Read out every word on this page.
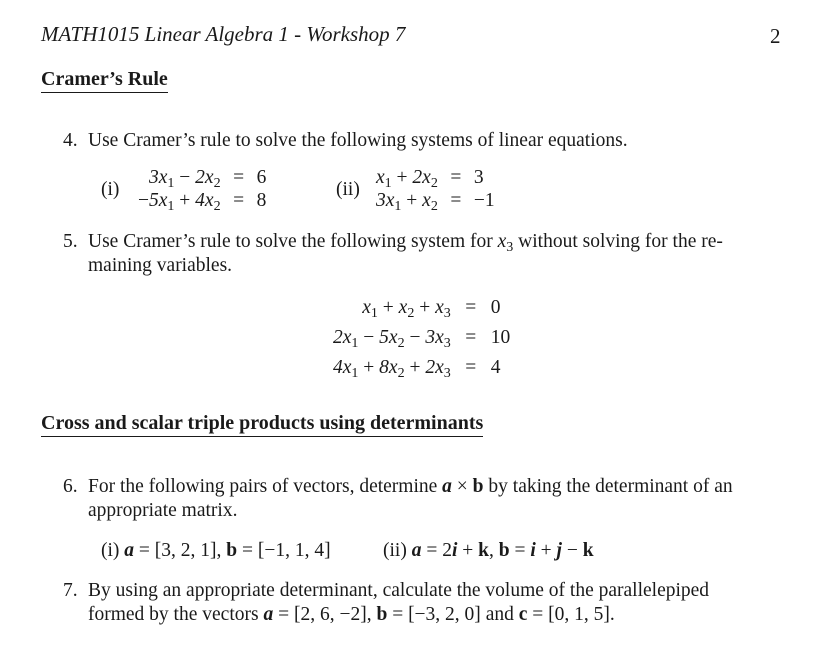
MATH1015 Linear Algebra 1 - Workshop 7	2
Cramer’s Rule
4. Use Cramer’s rule to solve the following systems of linear equations.
(i)
$3x_1 - 2x_2$	=	6
$-5x_1 + 4x_2$	=	8
(ii)
$x_1 + 2x_2$	=	3
$3x_1 + x_2$	=	−1
5. Use Cramer’s rule to solve the following system for $x_3$ without solving for the re-
maining variables.
$x_1 + x_2 + x_3$	=	0
$2x_1 - 5x_2 - 3x_3$	=	10
$4x_1 + 8x_2 + 2x_3$	=	4
Cross and scalar triple products using determinants
6. For the following pairs of vectors, determine a × b by taking the determinant of an
appropriate matrix.
(i) a = [3, 2, 1], b = [−1, 1, 4]	(ii) a = 2i + k, b = i + j − k
7. By using an appropriate determinant, calculate the volume of the parallelepiped
formed by the vectors a = [2, 6, −2], b = [−3, 2, 0] and c = [0, 1, 5].
